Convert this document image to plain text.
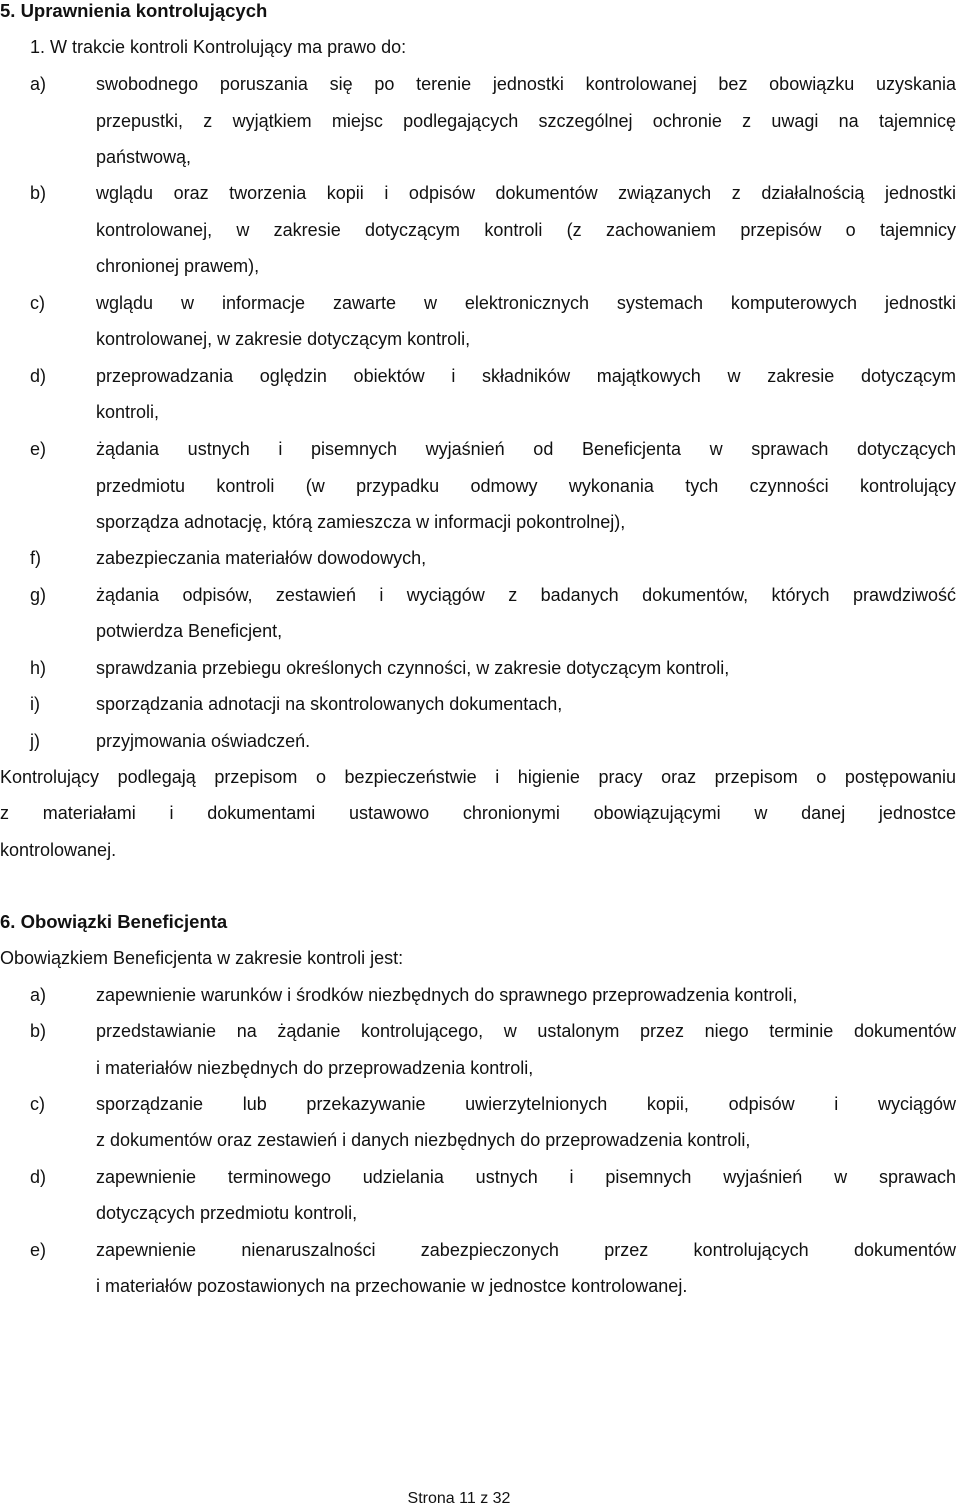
5. Uprawnienia kontrolujących
1. W trakcie kontroli Kontrolujący ma prawo do:
a)	swobodnego poruszania się po terenie jednostki kontrolowanej bez obowiązku uzyskania
przepustki, z wyjątkiem miejsc podlegających szczególnej ochronie z uwagi na tajemnicę
państwową,
b)	wglądu oraz tworzenia kopii i odpisów dokumentów związanych z działalnością jednostki
kontrolowanej, w zakresie dotyczącym kontroli (z zachowaniem przepisów o tajemnicy
chronionej prawem),
c)	wglądu w informacje zawarte w elektronicznych systemach komputerowych jednostki
kontrolowanej, w zakresie dotyczącym kontroli,
d)	przeprowadzania oględzin obiektów i składników majątkowych w zakresie dotyczącym
kontroli,
e)	żądania ustnych i pisemnych wyjaśnień od Beneficjenta w sprawach dotyczących
przedmiotu kontroli (w przypadku odmowy wykonania tych czynności kontrolujący
sporządza adnotację, którą zamieszcza w informacji pokontrolnej),
f)	zabezpieczania materiałów dowodowych,
g)	żądania odpisów, zestawień i wyciągów z badanych dokumentów, których prawdziwość
potwierdza Beneficjent,
h)	sprawdzania przebiegu określonych czynności, w zakresie dotyczącym kontroli,
i)	sporządzania adnotacji na skontrolowanych dokumentach,
j)	przyjmowania oświadczeń.
Kontrolujący podlegają przepisom o bezpieczeństwie i higienie pracy oraz przepisom o postępowaniu
z materiałami i dokumentami ustawowo chronionymi obowiązującymi w danej jednostce
kontrolowanej.
6. Obowiązki Beneficjenta
Obowiązkiem Beneficjenta w zakresie kontroli jest:
a)	zapewnienie warunków i środków niezbędnych do sprawnego przeprowadzenia kontroli,
b)	przedstawianie na żądanie kontrolującego, w ustalonym przez niego terminie dokumentów
i materiałów niezbędnych do przeprowadzenia kontroli,
c)	sporządzanie lub przekazywanie uwierzytelnionych kopii, odpisów i wyciągów
z dokumentów oraz zestawień i danych niezbędnych do przeprowadzenia kontroli,
d)	zapewnienie terminowego udzielania ustnych i pisemnych wyjaśnień w sprawach
dotyczących przedmiotu kontroli,
e)	zapewnienie nienaruszalności zabezpieczonych przez kontrolujących dokumentów
i materiałów pozostawionych na przechowanie w jednostce kontrolowanej.
Strona 11 z 32
